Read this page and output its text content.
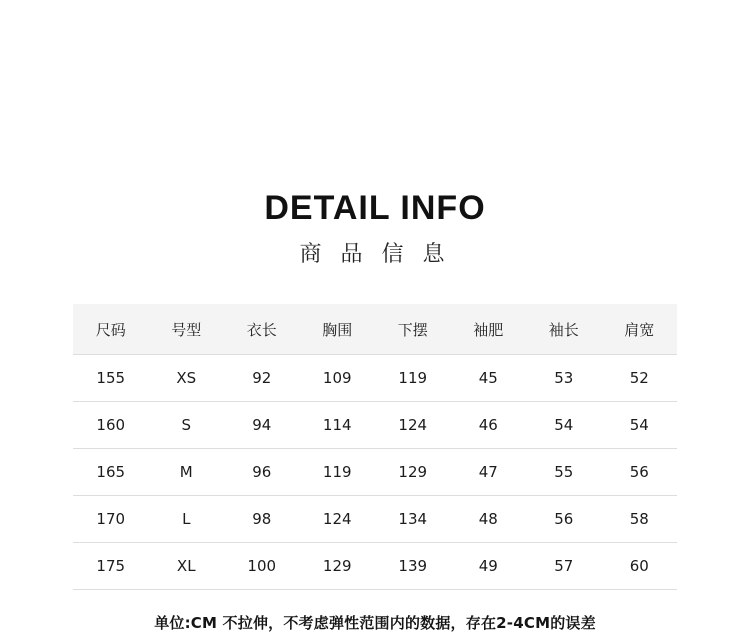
DETAIL INFO
商 品 信 息
尺码	号型	衣长	胸围	下摆	袖肥	袖长	肩宽
155	XS	92	109	119	45	53	52
160	S	94	114	124	46	54	54
165	M	96	119	129	47	55	56
170	L	98	124	134	48	56	58
175	XL	100	129	139	49	57	60
单位:CM 不拉伸，不考虑弹性范围内的数据，存在2-4CM的误差
